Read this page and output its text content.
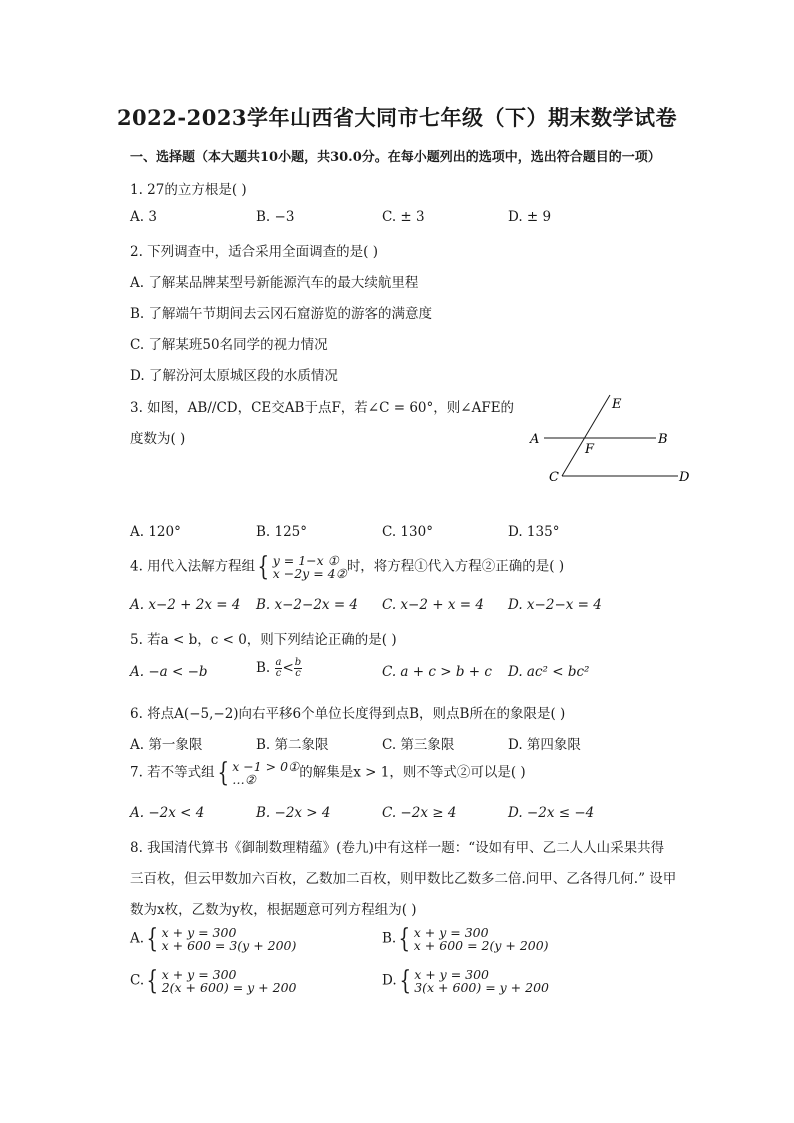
2022-2023学年山西省大同市七年级（下）期末数学试卷
一、选择题（本大题共10小题，共30.0分。在每小题列出的选项中，选出符合题目的一项）
1. 27的立方根是( )
A. 3	B. −3	C. ± 3	D. ± 9
2. 下列调查中，适合采用全面调查的是( )
A. 了解某品牌某型号新能源汽车的最大续航里程
B. 了解端午节期间去云冈石窟游览的游客的满意度
C. 了解某班50名同学的视力情况
D. 了解汾河太原城区段的水质情况
3. 如图，AB//CD，CE交AB于点F，若∠C = 60°，则∠AFE的
度数为( )
E
A
F
B
C	D
A. 120°	B. 125°	C. 130°	D. 135°
4. 用代入法解方程组{ y = 1−x ①
x −2y = 4② 时，将方程①代入方程②正确的是( )
A. x−2 + 2x = 4 B. x−2−2x = 4 C. x−2 + x = 4 D. x−2−x = 4
5. 若a < b，c < 0，则下列结论正确的是( )
A. −a < −b	B. $\frac{a}{c} < \frac{b}{c}$	C. a + c > b + c D. ac² < bc²
6. 将点A(−5,−2)向右平移6个单位长度得到点B，则点B所在的象限是( )
A. 第一象限	B. 第二象限	C. 第三象限	D. 第四象限
7. 若不等式组{ x −1 > 0①
…②	的解集是x > 1，则不等式②可以是( )
A. −2x < 4	B. −2x > 4	C. −2x ≥ 4	D. −2x ≤ −4
8. 我国清代算书《御制数理精蕴》(卷九)中有这样一题：“设如有甲、乙二人人山采果共得
三百枚，但云甲数加六百枚，乙数加二百枚，则甲数比乙数多二倍.问甲、乙各得几何.” 设甲
数为x枚，乙数为y枚，根据题意可列方程组为( )
A.{ x + y = 300
x + 600 = 3(y + 200)	B.{ x + y = 300
x + 600 = 2(y + 200)
C.{ x + y = 300
2(x + 600) = y + 200	D.{ x + y = 300
3(x + 600) = y + 200
